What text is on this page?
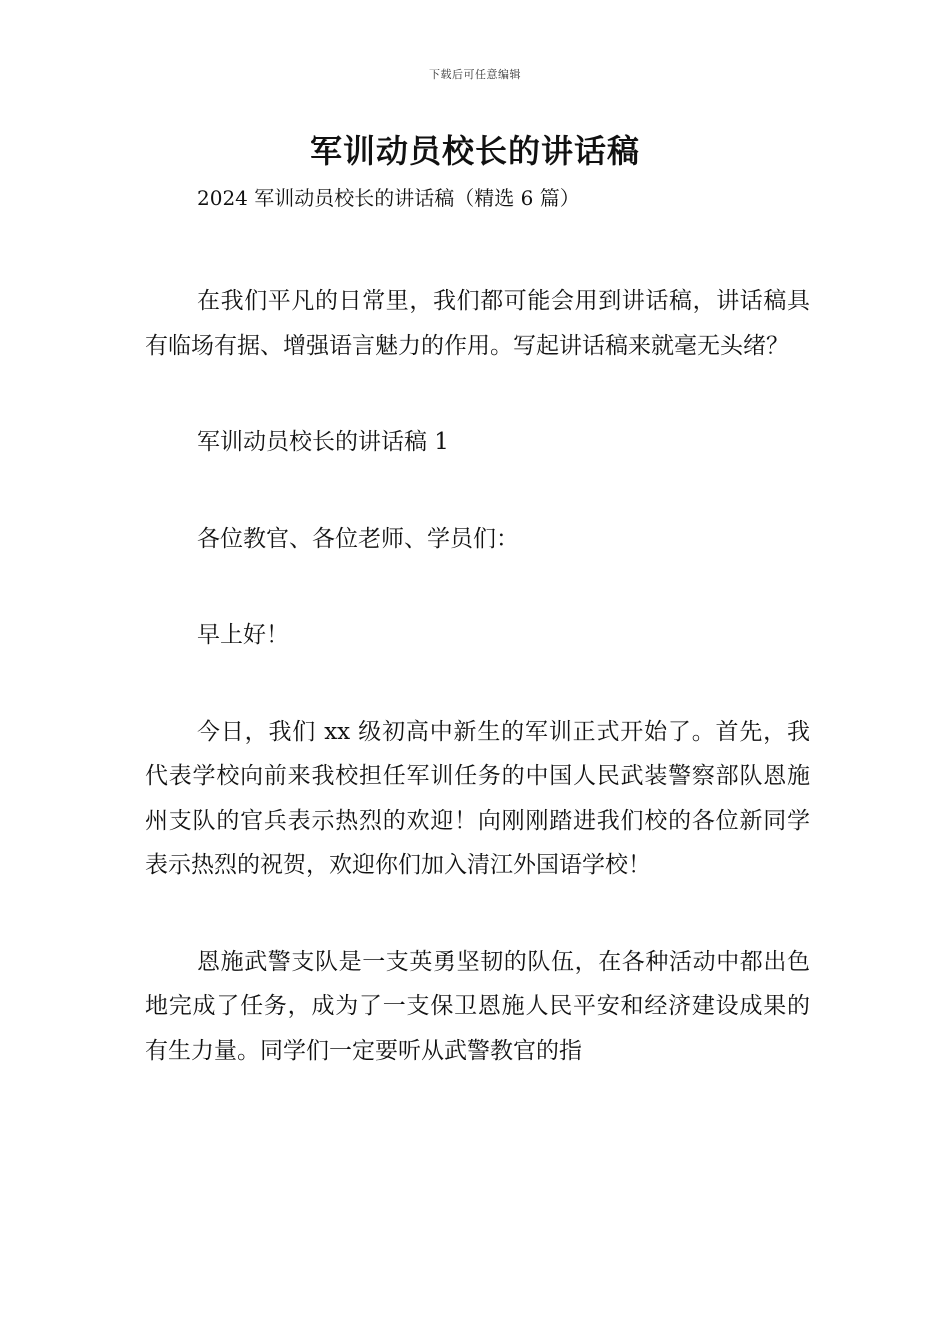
下载后可任意编辑
军训动员校长的讲话稿
2024 军训动员校长的讲话稿（精选 6 篇）

在我们平凡的日常里，我们都可能会用到讲话稿，讲话稿具有临场有据、增强语言魅力的作用。写起讲话稿来就毫无头绪？

军训动员校长的讲话稿 1

各位教官、各位老师、学员们：

早上好！

今日，我们 xx 级初高中新生的军训正式开始了。首先，我代表学校向前来我校担任军训任务的中国人民武装警察部队恩施州支队的官兵表示热烈的欢迎！向刚刚踏进我们校的各位新同学表示热烈的祝贺，欢迎你们加入清江外国语学校！

恩施武警支队是一支英勇坚韧的队伍，在各种活动中都出色地完成了任务，成为了一支保卫恩施人民平安和经济建设成果的有生力量。同学们一定要听从武警教官的指
